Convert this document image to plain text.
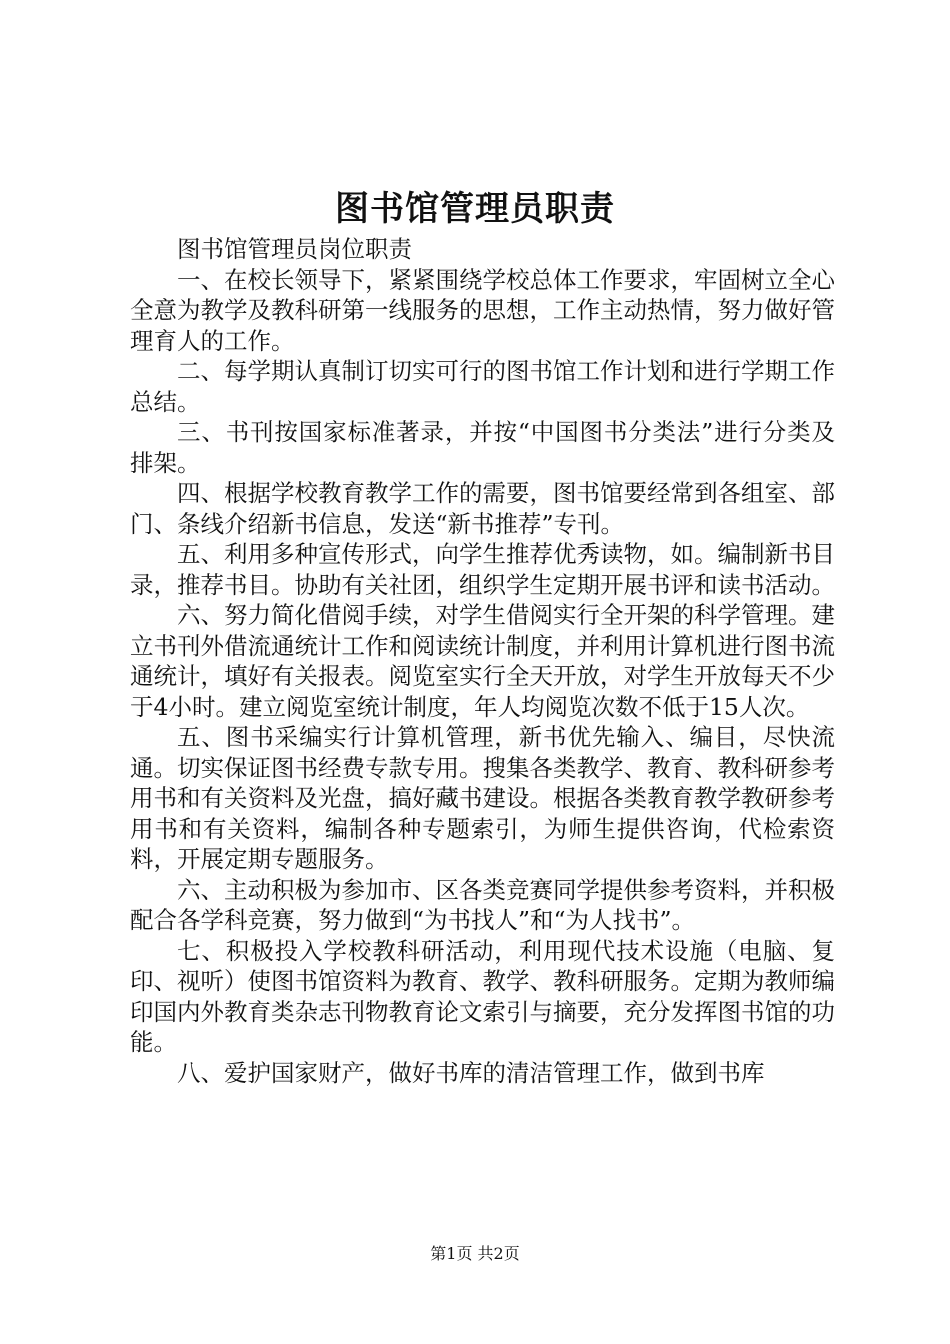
图书馆管理员职责

图书馆管理员岗位职责

一、在校长领导下，紧紧围绕学校总体工作要求，牢固树立全心全意为教学及教科研第一线服务的思想，工作主动热情，努力做好管理育人的工作。

二、每学期认真制订切实可行的图书馆工作计划和进行学期工作总结。

三、书刊按国家标准著录，并按“中国图书分类法”进行分类及排架。

四、根据学校教育教学工作的需要，图书馆要经常到各组室、部门、条线介绍新书信息，发送“新书推荐”专刊。

五、利用多种宣传形式，向学生推荐优秀读物，如。编制新书目录，推荐书目。协助有关社团，组织学生定期开展书评和读书活动。

六、努力简化借阅手续，对学生借阅实行全开架的科学管理。建立书刊外借流通统计工作和阅读统计制度，并利用计算机进行图书流通统计，填好有关报表。阅览室实行全天开放，对学生开放每天不少于4小时。建立阅览室统计制度，年人均阅览次数不低于15人次。

五、图书采编实行计算机管理，新书优先输入、编目，尽快流通。切实保证图书经费专款专用。搜集各类教学、教育、教科研参考用书和有关资料及光盘，搞好藏书建设。根据各类教育教学教研参考用书和有关资料，编制各种专题索引，为师生提供咨询，代检索资料，开展定期专题服务。

六、主动积极为参加市、区各类竞赛同学提供参考资料，并积极配合各学科竞赛，努力做到“为书找人”和“为人找书”。

七、积极投入学校教科研活动，利用现代技术设施（电脑、复印、视听）使图书馆资料为教育、教学、教科研服务。定期为教师编印国内外教育类杂志刊物教育论文索引与摘要，充分发挥图书馆的功能。

八、爱护国家财产，做好书库的清洁管理工作，做到书库

第1页 共2页
